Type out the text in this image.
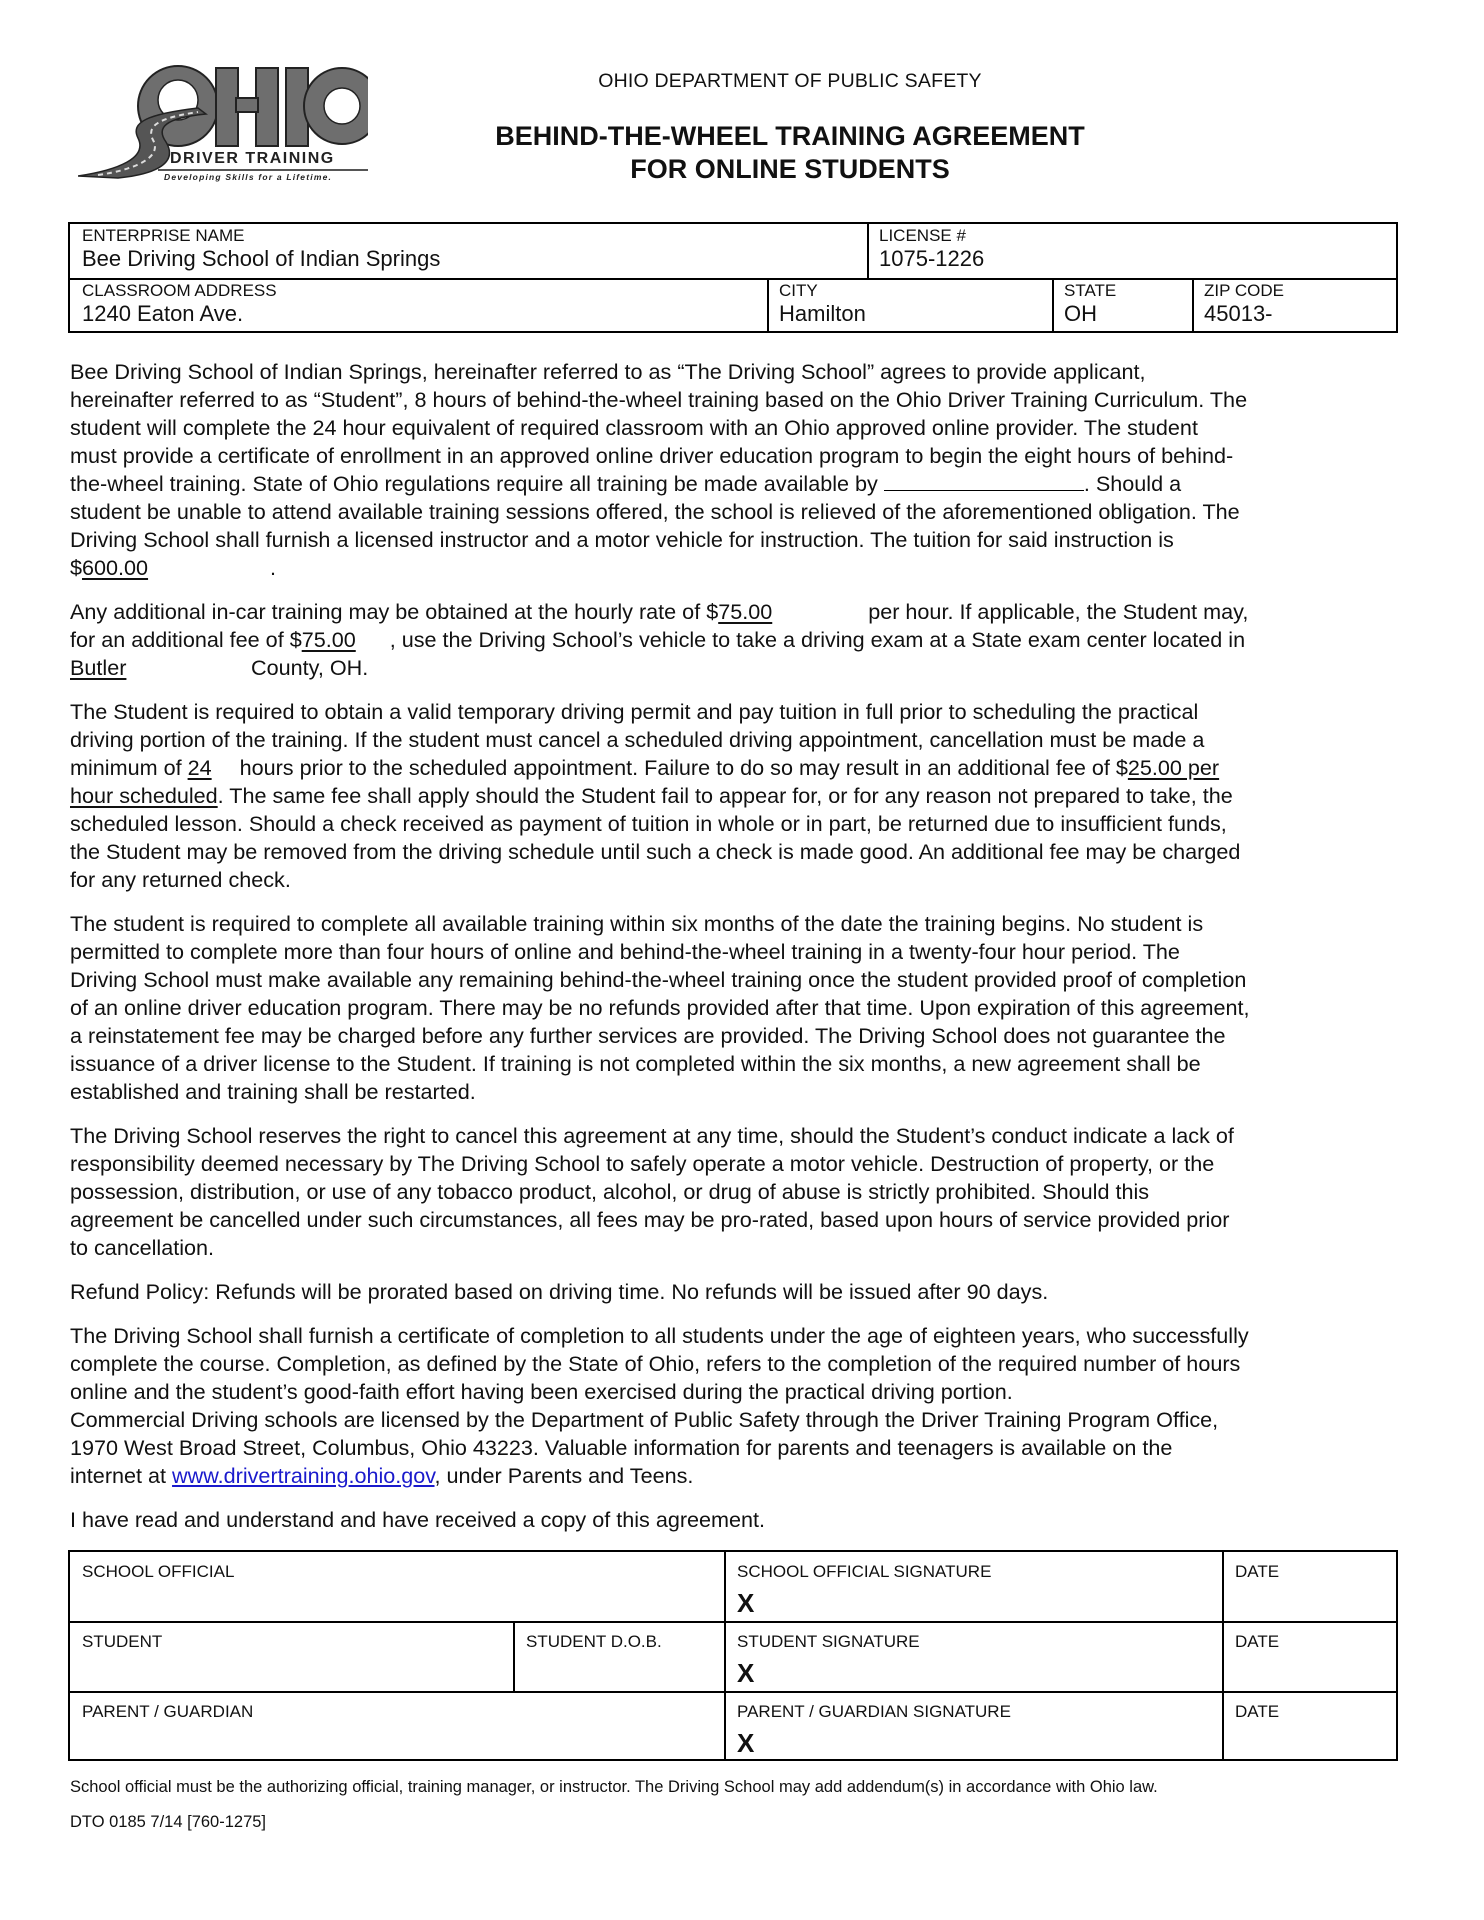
DRIVER TRAINING
Developing Skills for a Lifetime.
OHIO DEPARTMENT OF PUBLIC SAFETY
BEHIND-THE-WHEEL TRAINING AGREEMENT
FOR ONLINE STUDENTS
ENTERPRISE NAME
Bee Driving School of Indian Springs
LICENSE #
1075-1226
CLASSROOM ADDRESS
1240 Eaton Ave.
CITY
Hamilton
STATE
OH
ZIP CODE
45013-

Bee Driving School of Indian Springs, hereinafter referred to as “The Driving School” agrees to provide applicant,
hereinafter referred to as “Student”, 8 hours of behind-the-wheel training based on the Ohio Driver Training Curriculum. The
student will complete the 24 hour equivalent of required classroom with an Ohio approved online provider. The student
must provide a certificate of enrollment in an approved online driver education program to begin the eight hours of behind-
the-wheel training. State of Ohio regulations require all training be made available by	. Should a
student be unable to attend available training sessions offered, the school is relieved of the aforementioned obligation. The
Driving School shall furnish a licensed instructor and a motor vehicle for instruction. The tuition for said instruction is
$600.00	.

Any additional in-car training may be obtained at the hourly rate of $75.00	per hour. If applicable, the Student may,
for an additional fee of $75.00 , use the Driving School’s vehicle to take a driving exam at a State exam center located in
Butler	County, OH.

The Student is required to obtain a valid temporary driving permit and pay tuition in full prior to scheduling the practical
driving portion of the training. If the student must cancel a scheduled driving appointment, cancellation must be made a
minimum of 24 hours prior to the scheduled appointment. Failure to do so may result in an additional fee of $25.00 per
hour scheduled. The same fee shall apply should the Student fail to appear for, or for any reason not prepared to take, the
scheduled lesson. Should a check received as payment of tuition in whole or in part, be returned due to insufficient funds,
the Student may be removed from the driving schedule until such a check is made good. An additional fee may be charged
for any returned check.

The student is required to complete all available training within six months of the date the training begins. No student is
permitted to complete more than four hours of online and behind-the-wheel training in a twenty-four hour period. The
Driving School must make available any remaining behind-the-wheel training once the student provided proof of completion
of an online driver education program. There may be no refunds provided after that time. Upon expiration of this agreement,
a reinstatement fee may be charged before any further services are provided. The Driving School does not guarantee the
issuance of a driver license to the Student. If training is not completed within the six months, a new agreement shall be
established and training shall be restarted.

The Driving School reserves the right to cancel this agreement at any time, should the Student’s conduct indicate a lack of
responsibility deemed necessary by The Driving School to safely operate a motor vehicle. Destruction of property, or the
possession, distribution, or use of any tobacco product, alcohol, or drug of abuse is strictly prohibited. Should this
agreement be cancelled under such circumstances, all fees may be pro-rated, based upon hours of service provided prior
to cancellation.

Refund Policy: Refunds will be prorated based on driving time. No refunds will be issued after 90 days.

The Driving School shall furnish a certificate of completion to all students under the age of eighteen years, who successfully
complete the course. Completion, as defined by the State of Ohio, refers to the completion of the required number of hours
online and the student’s good-faith effort having been exercised during the practical driving portion.
Commercial Driving schools are licensed by the Department of Public Safety through the Driver Training Program Office,
1970 West Broad Street, Columbus, Ohio 43223. Valuable information for parents and teenagers is available on the
internet at www.drivertraining.ohio.gov, under Parents and Teens.

I have read and understand and have received a copy of this agreement.

SCHOOL OFFICIAL	SCHOOL OFFICIAL SIGNATURE
X
DATE
STUDENT	STUDENT D.O.B.	STUDENT SIGNATURE
X
DATE
PARENT / GUARDIAN	PARENT / GUARDIAN SIGNATURE
X
DATE
School official must be the authorizing official, training manager, or instructor. The Driving School may add addendum(s) in accordance with Ohio law.
DTO 0185 7/14 [760-1275]
